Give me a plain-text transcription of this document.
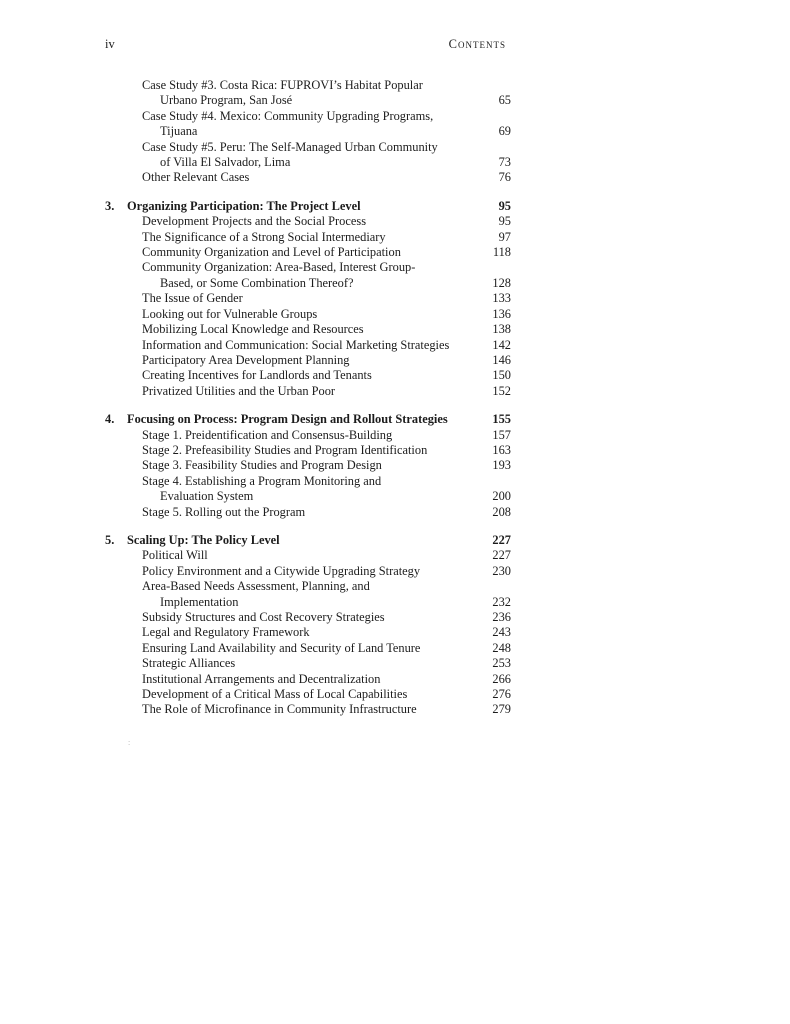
iv	Contents
Case Study #3. Costa Rica: FUPROVI’s Habitat Popular
Urbano Program, San José	65
Case Study #4. Mexico: Community Upgrading Programs,
Tijuana	69
Case Study #5. Peru: The Self-Managed Urban Community
of Villa El Salvador, Lima	73
Other Relevant Cases	76
3.	Organizing Participation: The Project Level	95
Development Projects and the Social Process	95
The Significance of a Strong Social Intermediary	97
Community Organization and Level of Participation	118
Community Organization: Area-Based, Interest Group-
Based, or Some Combination Thereof?	128
The Issue of Gender	133
Looking out for Vulnerable Groups	136
Mobilizing Local Knowledge and Resources	138
Information and Communication: Social Marketing Strategies	142
Participatory Area Development Planning	146
Creating Incentives for Landlords and Tenants	150
Privatized Utilities and the Urban Poor	152
4.	Focusing on Process: Program Design and Rollout Strategies	155
Stage 1. Preidentification and Consensus-Building	157
Stage 2. Prefeasibility Studies and Program Identification	163
Stage 3. Feasibility Studies and Program Design	193
Stage 4. Establishing a Program Monitoring and
Evaluation System	200
Stage 5. Rolling out the Program	208
5.	Scaling Up: The Policy Level	227
Political Will	227
Policy Environment and a Citywide Upgrading Strategy	230
Area-Based Needs Assessment, Planning, and
Implementation	232
Subsidy Structures and Cost Recovery Strategies	236
Legal and Regulatory Framework	243
Ensuring Land Availability and Security of Land Tenure	248
Strategic Alliances	253
Institutional Arrangements and Decentralization	266
Development of a Critical Mass of Local Capabilities	276
The Role of Microfinance in Community Infrastructure	279
:
